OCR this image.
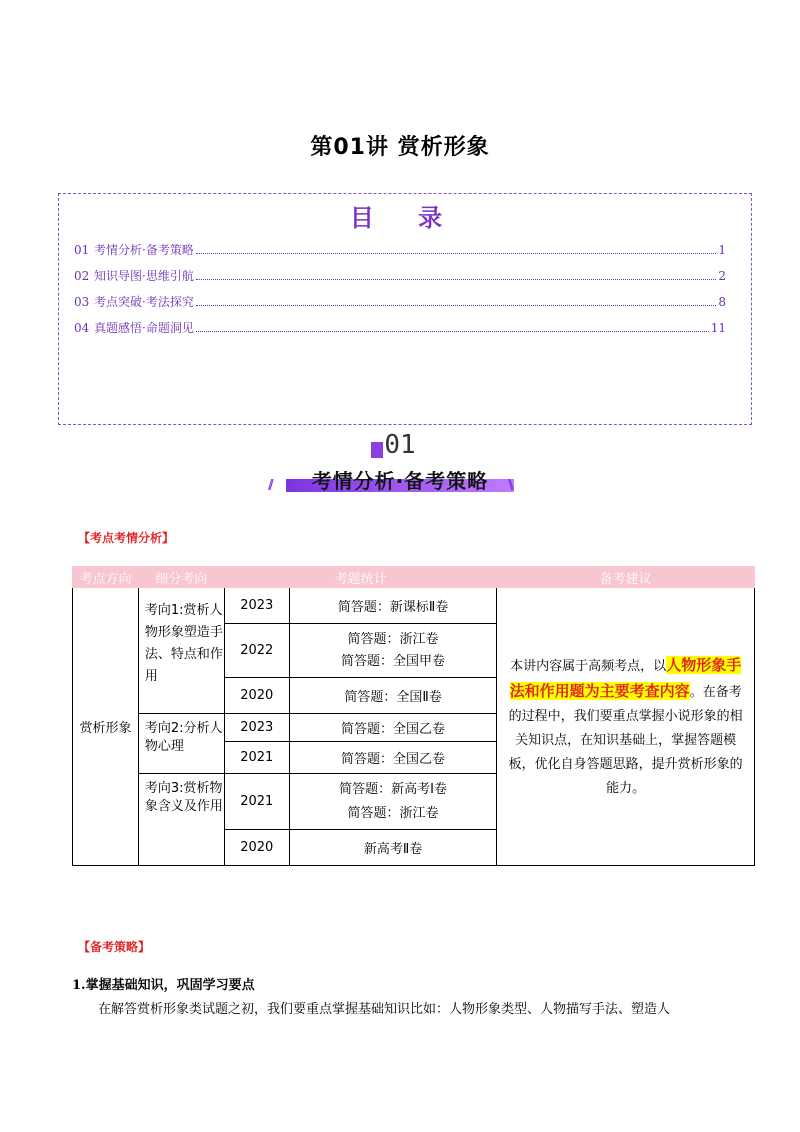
第01讲 赏析形象
目 录
01 考情分析·备考策略	1
02 知识导图·思维引航	2
03 考点突破·考法探究	8
04 真题感悟·命题洞见	11
01
//	考情分析·备考策略	\\
【考点考情分析】
考点方向	细分考向	考题统计		备考建议
赏析形象	考向1:赏析人物形象塑造手法、特点和作用	2023	简答题：新课标Ⅱ卷	本讲内容属于高频考点，以人物形象手法和作用题为主要考查内容。在备考的过程中，我们要重点掌握小说形象的相关知识点，在知识基础上，掌握答题模板，优化自身答题思路，提升赏析形象的能力。
		2022	简答题：浙江卷
简答题：全国甲卷	

		2020	简答题：全国Ⅱ卷	
	考向2:分析人物心理	2023	简答题：全国乙卷	
		2021	简答题：全国乙卷	
	考向3:赏析物象含义及作用	2021	简答题：新高考Ⅰ卷
简答题：浙江卷	

		2020	新高考Ⅱ卷	
【备考策略】
1.掌握基础知识，巩固学习要点
在解答赏析形象类试题之初，我们要重点掌握基础知识比如：人物形象类型、人物描写手法、塑造人
